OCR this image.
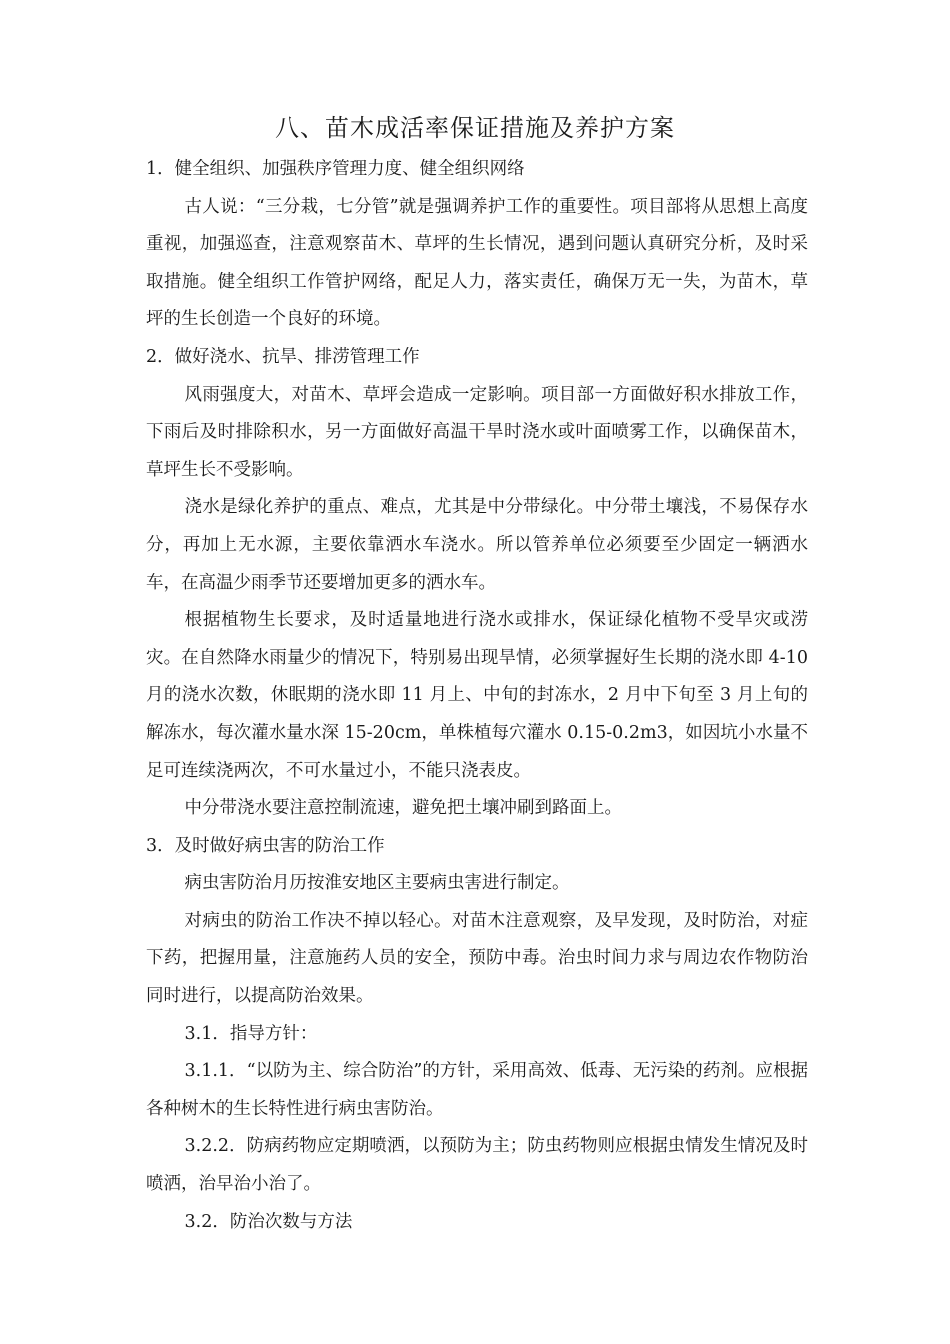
八、苗木成活率保证措施及养护方案

1．健全组织、加强秩序管理力度、健全组织网络

古人说：“三分栽，七分管”就是强调养护工作的重要性。项目部将从思想上高度重视，加强巡查，注意观察苗木、草坪的生长情况，遇到问题认真研究分析，及时采取措施。健全组织工作管护网络，配足人力，落实责任，确保万无一失，为苗木，草坪的生长创造一个良好的环境。

2．做好浇水、抗旱、排涝管理工作

风雨强度大，对苗木、草坪会造成一定影响。项目部一方面做好积水排放工作，下雨后及时排除积水，另一方面做好高温干旱时浇水或叶面喷雾工作，以确保苗木，草坪生长不受影响。

浇水是绿化养护的重点、难点，尤其是中分带绿化。中分带土壤浅，不易保存水分，再加上无水源，主要依靠洒水车浇水。所以管养单位必须要至少固定一辆洒水车，在高温少雨季节还要增加更多的洒水车。

根据植物生长要求，及时适量地进行浇水或排水，保证绿化植物不受旱灾或涝灾。在自然降水雨量少的情况下，特别易出现旱情，必须掌握好生长期的浇水即 4-10 月的浇水次数，休眠期的浇水即 11 月上、中旬的封冻水，2 月中下旬至 3 月上旬的解冻水，每次灌水量水深 15-20cm，单株植每穴灌水 0.15-0.2m3，如因坑小水量不足可连续浇两次，不可水量过小，不能只浇表皮。

中分带浇水要注意控制流速，避免把土壤冲刷到路面上。

3．及时做好病虫害的防治工作

病虫害防治月历按淮安地区主要病虫害进行制定。

对病虫的防治工作决不掉以轻心。对苗木注意观察，及早发现，及时防治，对症下药，把握用量，注意施药人员的安全，预防中毒。治虫时间力求与周边农作物防治同时进行，以提高防治效果。

3.1．指导方针：

3.1.1．“以防为主、综合防治”的方针，采用高效、低毒、无污染的药剂。应根据各种树木的生长特性进行病虫害防治。

3.2.2．防病药物应定期喷洒，以预防为主；防虫药物则应根据虫情发生情况及时喷洒，治早治小治了。

3.2．防治次数与方法
